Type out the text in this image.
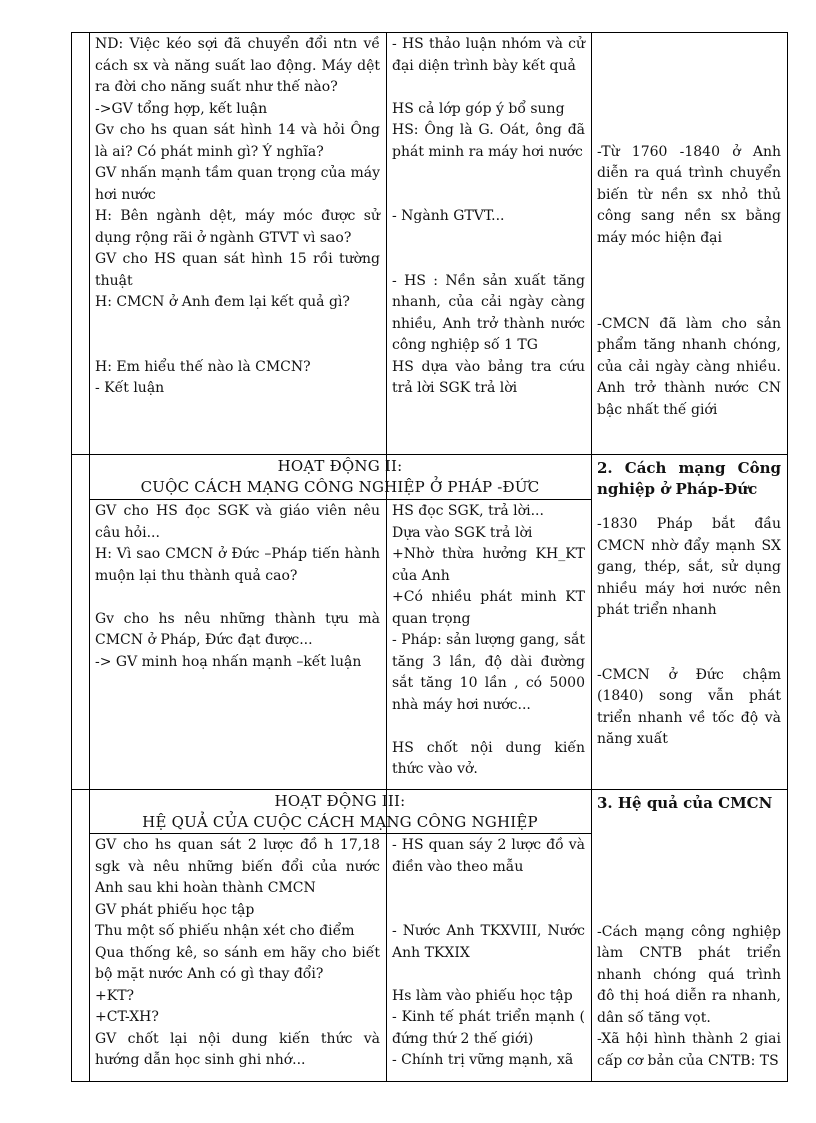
ND: Việc kéo sợi đã chuyển đổi ntn về cách sx và năng suất lao động. Máy dệt ra đời cho năng suất như thế nào?

->GV tổng hợp, kết luận

Gv cho hs quan sát hình 14 và hỏi Ông là ai? Có phát minh gì? Ý nghĩa?

GV nhấn mạnh tầm quan trọng của máy hơi nước

H: Bên ngành dệt, máy móc được sử dụng rộng rãi ở ngành GTVT vì sao?

GV cho HS quan sát hình 15 rồi tường thuật

H: CMCN ở Anh đem lại kết quả gì?

H: Em hiểu thế nào là CMCN?

- Kết luận

- HS thảo luận nhóm và cử đại diện trình bày kết quả

HS cả lớp góp ý bổ sung

HS: Ông là G. Oát, ông đã phát minh ra máy hơi nước

- Ngành GTVT...

- HS : Nền sản xuất tăng nhanh, của cải ngày càng nhiều, Anh trở thành nước công nghiệp số 1 TG

HS dựa vào bảng tra cứu trả lời SGK trả lời

-Từ 1760 -1840 ở Anh diễn ra quá trình chuyển biến từ nền sx nhỏ thủ công sang nền sx bằng máy móc hiện đại

-CMCN đã làm cho sản phẩm tăng nhanh chóng, của cải ngày càng nhiều. Anh trở thành nước CN bậc nhất thế giới

HOẠT ĐỘNG II:

CUỘC CÁCH MẠNG CÔNG NGHIỆP Ở PHÁP -ĐỨC

2. Cách mạng Công nghiệp ở Pháp-Đức

-1830 Pháp bắt đầu CMCN nhờ đẩy mạnh SX gang, thép, sắt, sử dụng nhiều máy hơi nước nên phát triển nhanh

-CMCN ở Đức chậm (1840) song vẫn phát triển nhanh về tốc độ và năng xuất

GV cho HS đọc SGK và giáo viên nêu câu hỏi...

H: Vì sao CMCN ở Đức –Pháp tiến hành muộn lại thu thành quả cao?

Gv cho hs nêu những thành tựu mà CMCN ở Pháp, Đức đạt được...

-> GV minh hoạ nhấn mạnh –kết luận

HS đọc SGK, trả lời...

Dựa vào SGK trả lời

+Nhờ thừa hưởng KH_KT của Anh

+Có nhiều phát minh KT quan trọng

- Pháp: sản lượng gang, sắt tăng 3 lần, độ dài đường sắt tăng 10 lần , có 5000 nhà máy hơi nước...

HS chốt nội dung kiến thức vào vở.

HOẠT ĐỘNG III:

HỆ QUẢ CỦA CUỘC CÁCH MẠNG CÔNG NGHIỆP

3. Hệ quả của CMCN

-Cách mạng công nghiệp làm CNTB phát triển nhanh chóng quá trình đô thị hoá diễn ra nhanh, dân số tăng vọt.

-Xã hội hình thành 2 giai cấp cơ bản của CNTB: TS

GV cho hs quan sát 2 lược đồ h 17,18 sgk và nêu những biến đổi của nước Anh sau khi hoàn thành CMCN

GV phát phiếu học tập

Thu một số phiếu nhận xét cho điểm

Qua thống kê, so sánh em hãy cho biết bộ mặt nước Anh có gì thay đổi?

+KT?

+CT-XH?

GV chốt lại nội dung kiến thức và hướng dẫn học sinh ghi nhớ...

- HS quan sáy 2 lược đồ và điền vào theo mẫu

- Nước Anh TKXVIII, Nước Anh TKXIX

Hs làm vào phiếu học tập

- Kinh tế phát triển mạnh ( đứng thứ 2 thế giới)

- Chính trị vững mạnh, xã
